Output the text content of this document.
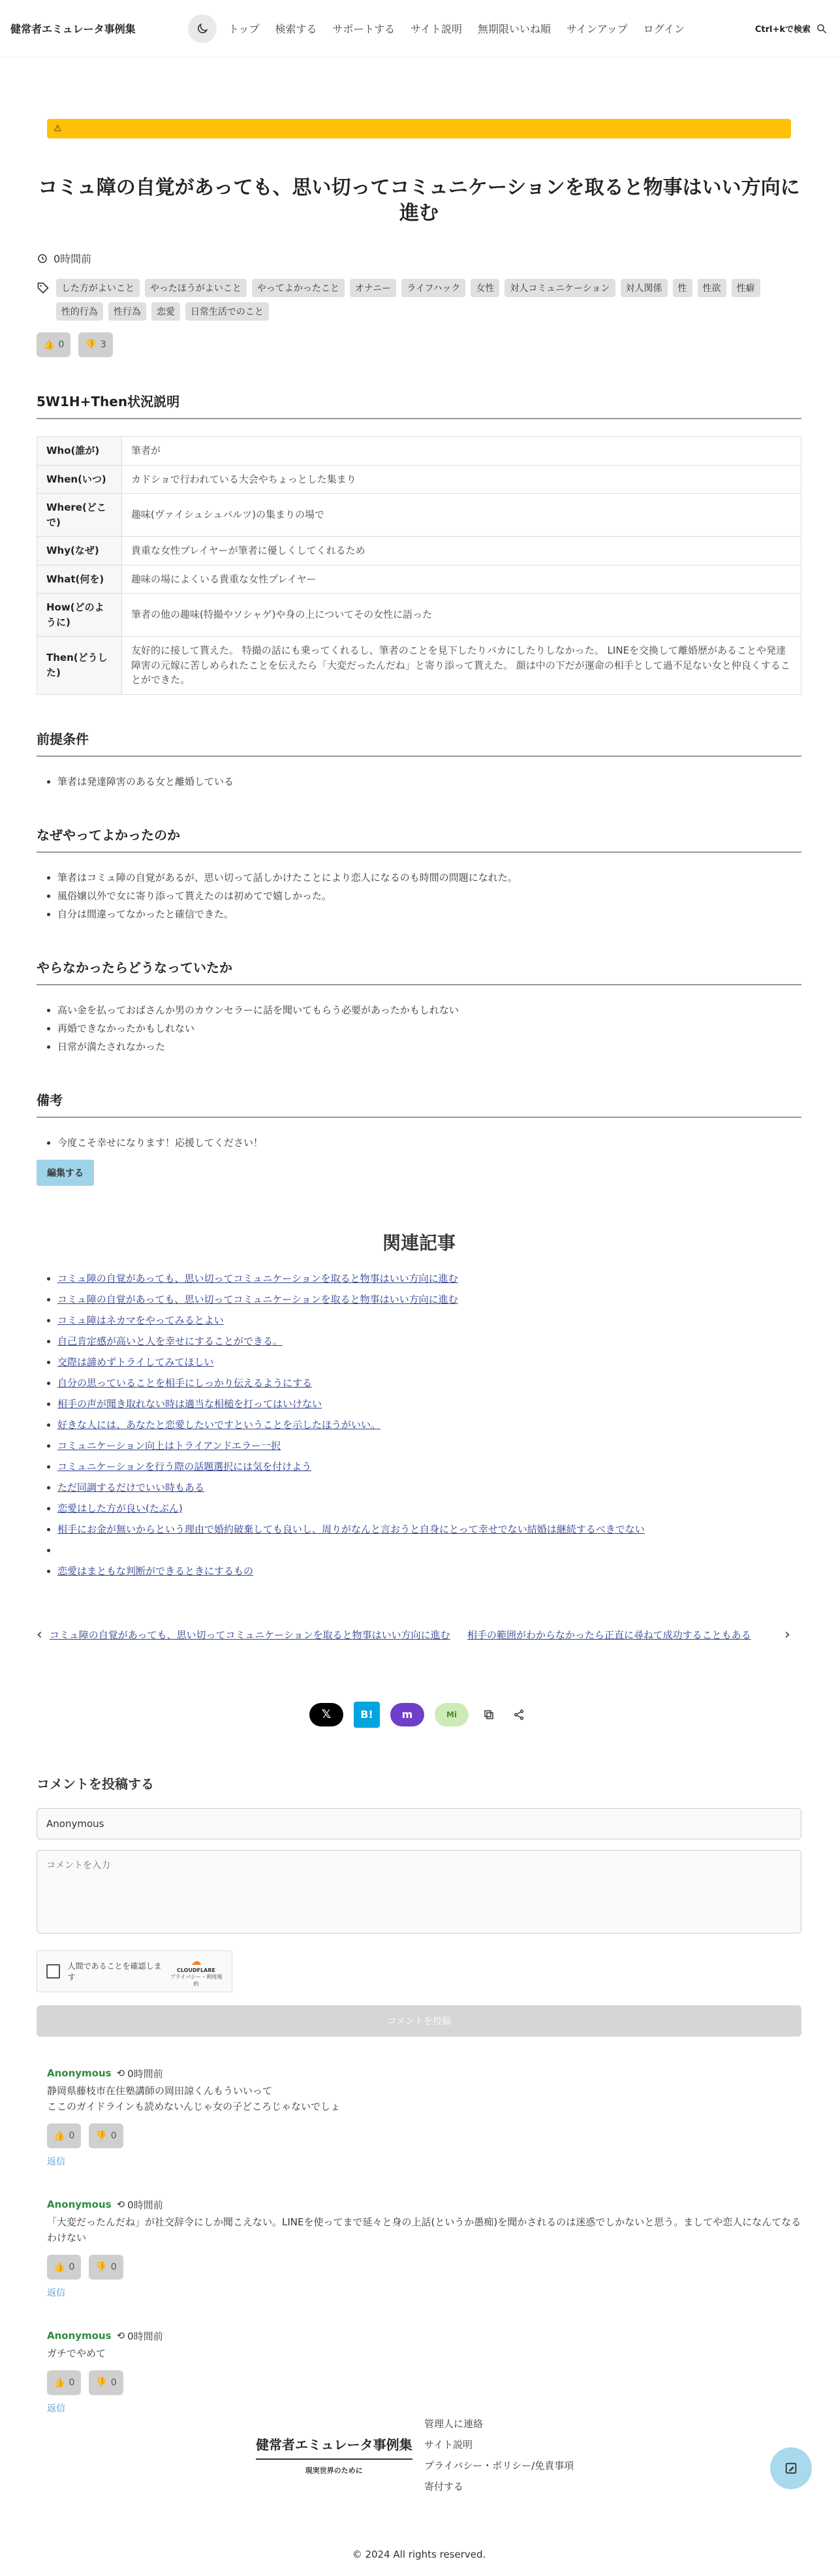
健常者エミュレータ事例集	トップ 検索する サポートする サイト説明 無期限いいね順 サインアップ ログイン	Ctrl+kで検索
⚠
コミュ障の自覚があっても、思い切ってコミュニケーションを取ると物事はいい方向に進む
0時間前
した方がよいこと	やったほうがよいこと	やってよかったこと	オナニー	ライフハック	女性	対人コミュニケーション	対人関係	性	性欲	性癖
性的行為	性行為	恋愛	日常生活でのこと
👍 0 👎 3
5W1H+Then状況説明
Who(誰が)	筆者が
When(いつ)	カドショで行われている大会やちょっとした集まり
Where(どこで)	趣味(ヴァイシュシュバルツ)の集まりの場で
Why(なぜ)	貴重な女性プレイヤーが筆者に優しくしてくれるため
What(何を)	趣味の場によくいる貴重な女性プレイヤー
How(どのように)	筆者の他の趣味(特撮やソシャゲ)や身の上についてその女性に語った
Then(どうした)	友好的に接して貰えた。 特撮の話にも乗ってくれるし、筆者のことを見下したりバカにしたりしなかった。 LINEを交換して離婚歴があることや発達障害の元嫁に苦しめられたことを伝えたら「大変だったんだね」と寄り添って貰えた。 顔は中の下だが運命の相手として過不足ない女と仲良くすることができた。
前提条件
• 筆者は発達障害のある女と離婚している
なぜやってよかったのか
• 筆者はコミュ障の自覚があるが、思い切って話しかけたことにより恋人になるのも時間の問題になれた。
• 風俗嬢以外で女に寄り添って貰えたのは初めてで嬉しかった。
• 自分は間違ってなかったと確信できた。
やらなかったらどうなっていたか
• 高い金を払っておばさんか男のカウンセラーに話を聞いてもらう必要があったかもしれない
• 再婚できなかったかもしれない
• 日常が満たされなかった
備考
• 今度こそ幸せになります！応援してください！
編集する
関連記事
• コミュ障の自覚があっても、思い切ってコミュニケーションを取ると物事はいい方向に進む
• コミュ障の自覚があっても、思い切ってコミュニケーションを取ると物事はいい方向に進む
• コミュ障はネカマをやってみるとよい
• 自己肯定感が高いと人を幸せにすることができる。
• 交際は諦めずトライしてみてほしい
• 自分の思っていることを相手にしっかり伝えるようにする
• 相手の声が聞き取れない時は適当な相槌を打ってはいけない
• 好きな人には、あなたと恋愛したいですということを示したほうがいい。
• コミュニケーション向上はトライアンドエラー一択
• コミュニケーションを行う際の話題選択には気を付けよう
• ただ同調するだけでいい時もある
• 恋愛はした方が良い(たぶん)
• 相手にお金が無いからという理由で婚約破棄しても良いし、周りがなんと言おうと自身にとって幸せでない結婚は継続するべきでない
•
• 恋愛はまともな判断ができるときにするもの
‹ コミュ障の自覚があっても、思い切ってコミュニケーションを取ると物事はいい方向に進む	相手の範囲がわからなかったら正直に尋ねて成功することもある	›
𝕏	B!	m	Mi
コメントを投稿する
Anonymous コメントを入力
人間であることを確認します
☁
CLOUDFLARE
プライバシー・利用規約
コメントを投稿
Anonymous ⟲ 0時間前
静岡県藤枝市在住塾講師の岡田諒くんもういいって
ここのガイドラインも読めないんじゃ女の子どころじゃないでしょ
👍 0 👎 0
返信
Anonymous ⟲ 0時間前
「大変だったんだね」が社交辞令にしか聞こえない。LINEを使ってまで延々と身の上話(というか愚痴)を聞かされるのは迷惑でしかないと思う。ましてや恋人になんてなるわけない
👍 0 👎 0
返信
Anonymous ⟲ 0時間前
ガチでやめて
👍 0 👎 0
返信
健常者エミュレータ事例集
現実世界のために
管理人に連絡
サイト説明
プライバシー・ポリシー/免責事項
寄付する
© 2024 All rights reserved.
